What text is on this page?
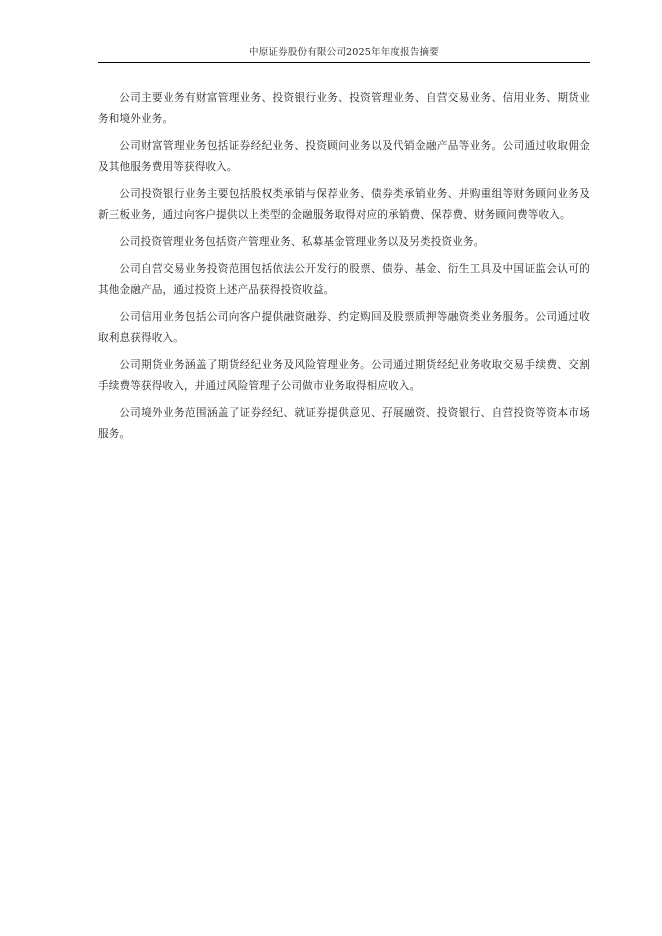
中原证券股份有限公司2025年年度报告摘要

公司主要业务有财富管理业务、投资银行业务、投资管理业务、自营交易业务、信用业务、期货业务和境外业务。

公司财富管理业务包括证券经纪业务、投资顾问业务以及代销金融产品等业务。公司通过收取佣金及其他服务费用等获得收入。

公司投资银行业务主要包括股权类承销与保荐业务、债券类承销业务、并购重组等财务顾问业务及新三板业务，通过向客户提供以上类型的金融服务取得对应的承销费、保荐费、财务顾问费等收入。

公司投资管理业务包括资产管理业务、私募基金管理业务以及另类投资业务。

公司自营交易业务投资范围包括依法公开发行的股票、债券、基金、衍生工具及中国证监会认可的其他金融产品，通过投资上述产品获得投资收益。

公司信用业务包括公司向客户提供融资融券、约定购回及股票质押等融资类业务服务。公司通过收取利息获得收入。

公司期货业务涵盖了期货经纪业务及风险管理业务。公司通过期货经纪业务收取交易手续费、交割手续费等获得收入，并通过风险管理子公司做市业务取得相应收入。

公司境外业务范围涵盖了证券经纪、就证券提供意见、孖展融资、投资银行、自营投资等资本市场服务。
